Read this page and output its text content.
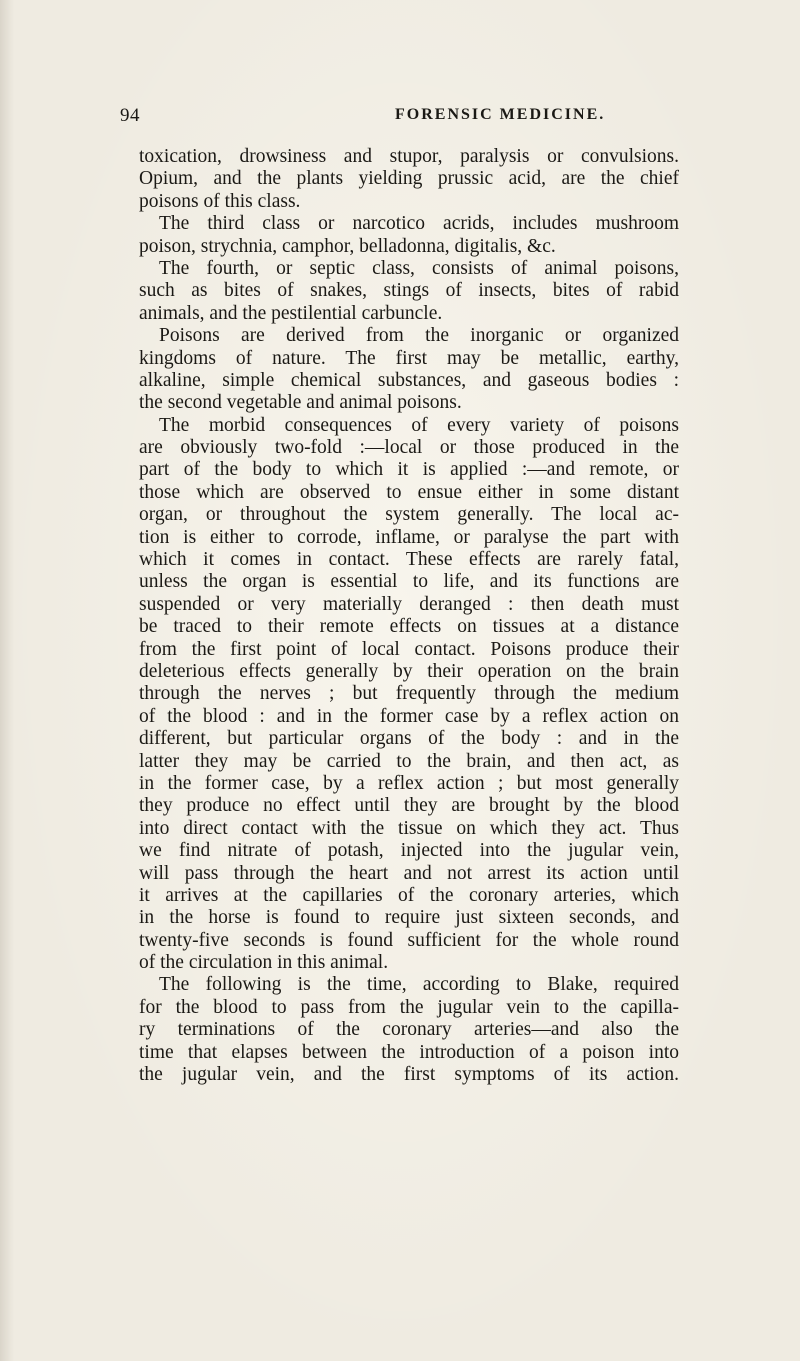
94	FORENSIC MEDICINE.
toxication, drowsiness and stupor, paralysis or convulsions.
Opium, and the plants yielding prussic acid, are the chief
poisons of this class.
The third class or narcotico acrids, includes mushroom
poison, strychnia, camphor, belladonna, digitalis, &c.
The fourth, or septic class, consists of animal poisons,
such as bites of snakes, stings of insects, bites of rabid
animals, and the pestilential carbuncle.
Poisons are derived from the inorganic or organized
kingdoms of nature. The first may be metallic, earthy,
alkaline, simple chemical substances, and gaseous bodies :
the second vegetable and animal poisons.
The morbid consequences of every variety of poisons
are obviously two-fold :—local or those produced in the
part of the body to which it is applied :—and remote, or
those which are observed to ensue either in some distant
organ, or throughout the system generally. The local ac-
tion is either to corrode, inflame, or paralyse the part with
which it comes in contact. These effects are rarely fatal,
unless the organ is essential to life, and its functions are
suspended or very materially deranged : then death must
be traced to their remote effects on tissues at a distance
from the first point of local contact. Poisons produce their
deleterious effects generally by their operation on the brain
through the nerves ; but frequently through the medium
of the blood : and in the former case by a reflex action on
different, but particular organs of the body : and in the
latter they may be carried to the brain, and then act, as
in the former case, by a reflex action ; but most generally
they produce no effect until they are brought by the blood
into direct contact with the tissue on which they act. Thus
we find nitrate of potash, injected into the jugular vein,
will pass through the heart and not arrest its action until
it arrives at the capillaries of the coronary arteries, which
in the horse is found to require just sixteen seconds, and
twenty-five seconds is found sufficient for the whole round
of the circulation in this animal.
The following is the time, according to Blake, required
for the blood to pass from the jugular vein to the capilla-
ry terminations of the coronary arteries—and also the
time that elapses between the introduction of a poison into
the jugular vein, and the first symptoms of its action.
